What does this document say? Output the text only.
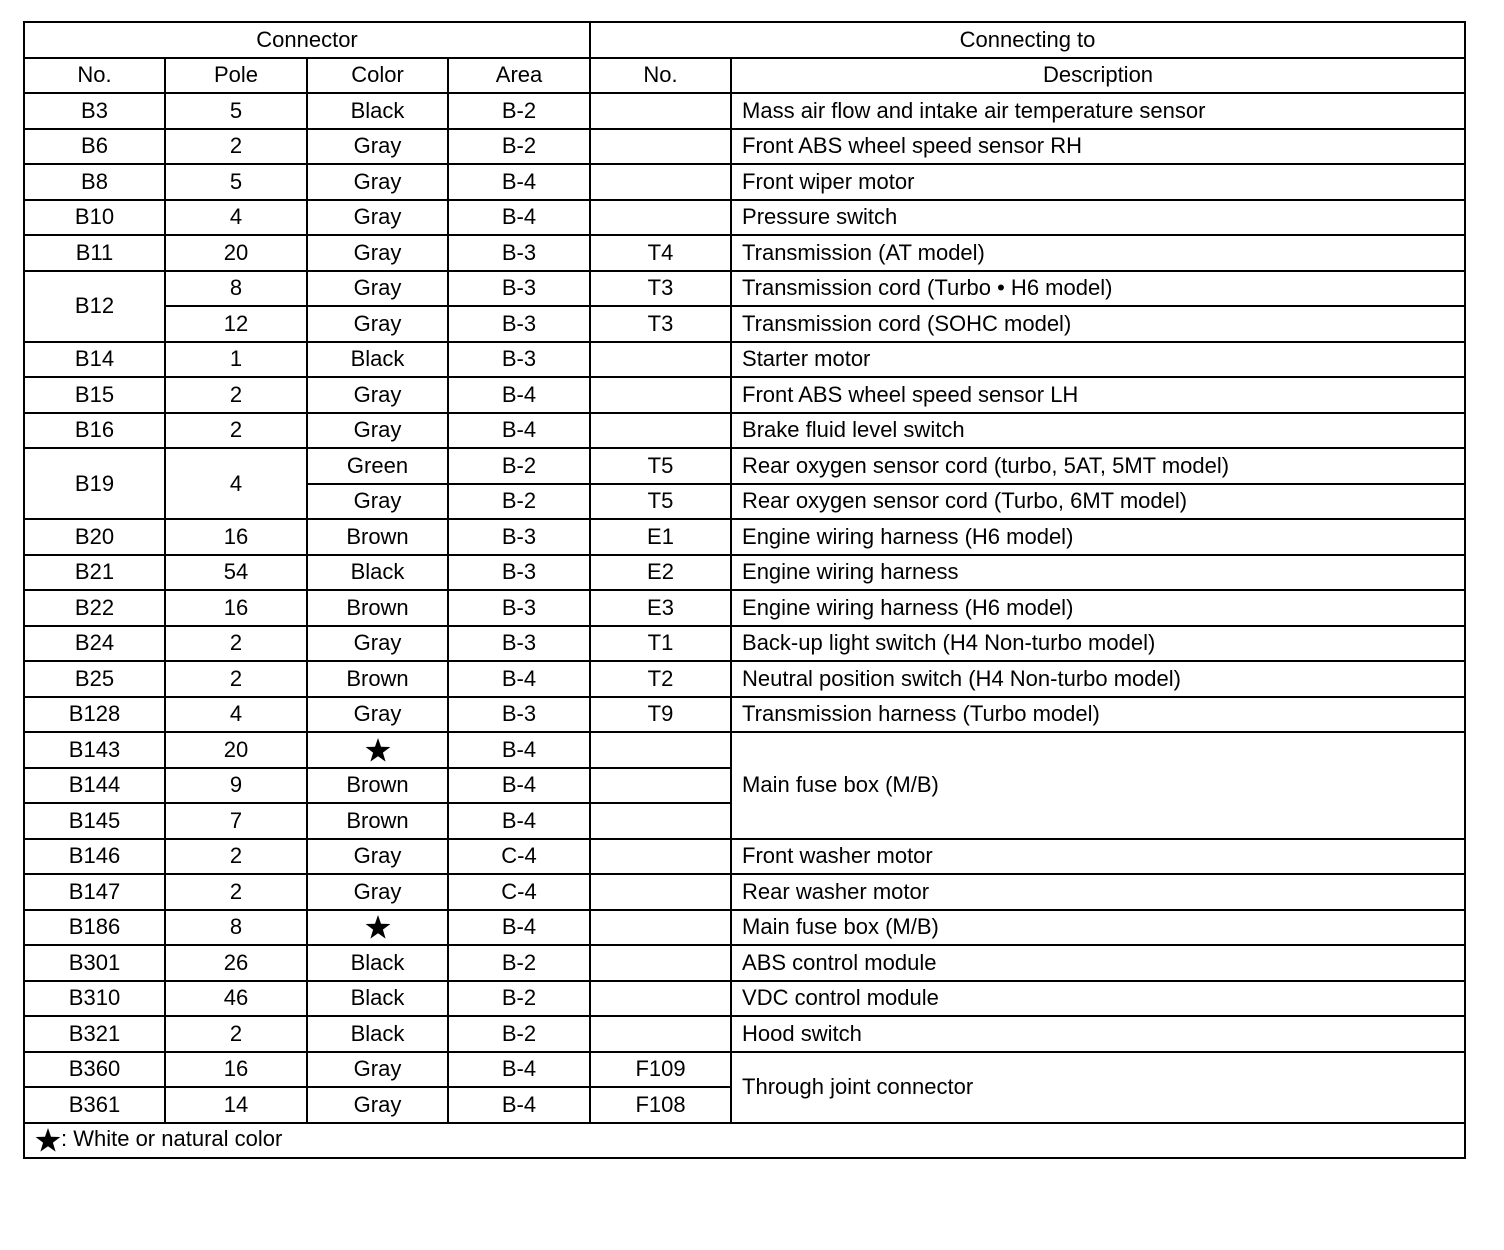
Connector				Connecting to	
No.	Pole	Color	Area	No.	Description
B3	5	Black	B-2		Mass air flow and intake air temperature sensor
B6	2	Gray	B-2		Front ABS wheel speed sensor RH
B8	5	Gray	B-4		Front wiper motor
B10	4	Gray	B-4		Pressure switch
B11	20	Gray	B-3	T4	Transmission (AT model)
B12	8	Gray	B-3	T3	Transmission cord (Turbo • H6 model)
	12	Gray	B-3	T3	Transmission cord (SOHC model)
B14	1	Black	B-3		Starter motor
B15	2	Gray	B-4		Front ABS wheel speed sensor LH
B16	2	Gray	B-4		Brake fluid level switch
B19	4	Green	B-2	T5	Rear oxygen sensor cord (turbo, 5AT, 5MT model)
		Gray	B-2	T5	Rear oxygen sensor cord (Turbo, 6MT model)
B20	16	Brown	B-3	E1	Engine wiring harness (H6 model)
B21	54	Black	B-3	E2	Engine wiring harness
B22	16	Brown	B-3	E3	Engine wiring harness (H6 model)
B24	2	Gray	B-3	T1	Back-up light switch (H4 Non-turbo model)
B25	2	Brown	B-4	T2	Neutral position switch (H4 Non-turbo model)
B128	4	Gray	B-3	T9	Transmission harness (Turbo model)
B143	20		B-4		Main fuse box (M/B)
B144	9	Brown	B-4		
B145	7	Brown	B-4		
B146	2	Gray	C-4		Front washer motor
B147	2	Gray	C-4		Rear washer motor
B186	8		B-4		Main fuse box (M/B)
B301	26	Black	B-2		ABS control module
B310	46	Black	B-2		VDC control module
B321	2	Black	B-2		Hood switch
B360	16	Gray	B-4	F109	Through joint connector
B361	14	Gray	B-4	F108	

: White or natural color					
